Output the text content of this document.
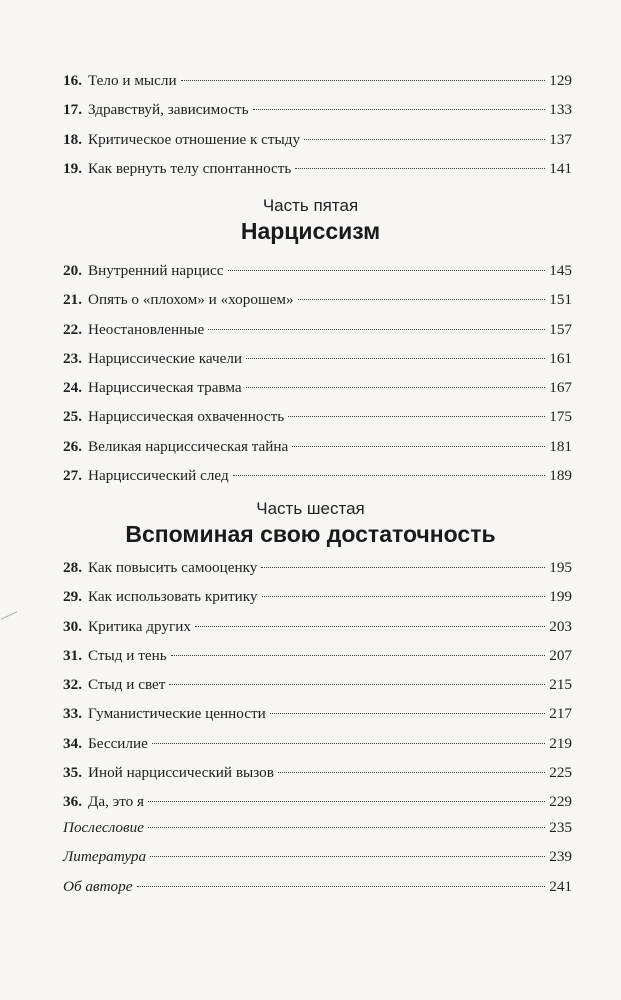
16. Тело и мысли	129
17. Здравствуй, зависимость	133
18. Критическое отношение к стыду	137
19. Как вернуть телу спонтанность	141
Часть пятая
Нарциссизм
20. Внутренний нарцисс	145
21. Опять о «плохом» и «хорошем»	151
22. Неостановленные	157
23. Нарциссические качели	161
24. Нарциссическая травма	167
25. Нарциссическая охваченность	175
26. Великая нарциссическая тайна	181
27. Нарциссический след	189
Часть шестая
Вспоминая свою достаточность
28. Как повысить самооценку	195
29. Как использовать критику	199
30. Критика других	203
31. Стыд и тень	207
32. Стыд и свет	215
33. Гуманистические ценности	217
34. Бессилие	219
35. Иной нарциссический вызов	225
36. Да, это я	229
Послесловие	235
Литература	239
Об авторе	241
